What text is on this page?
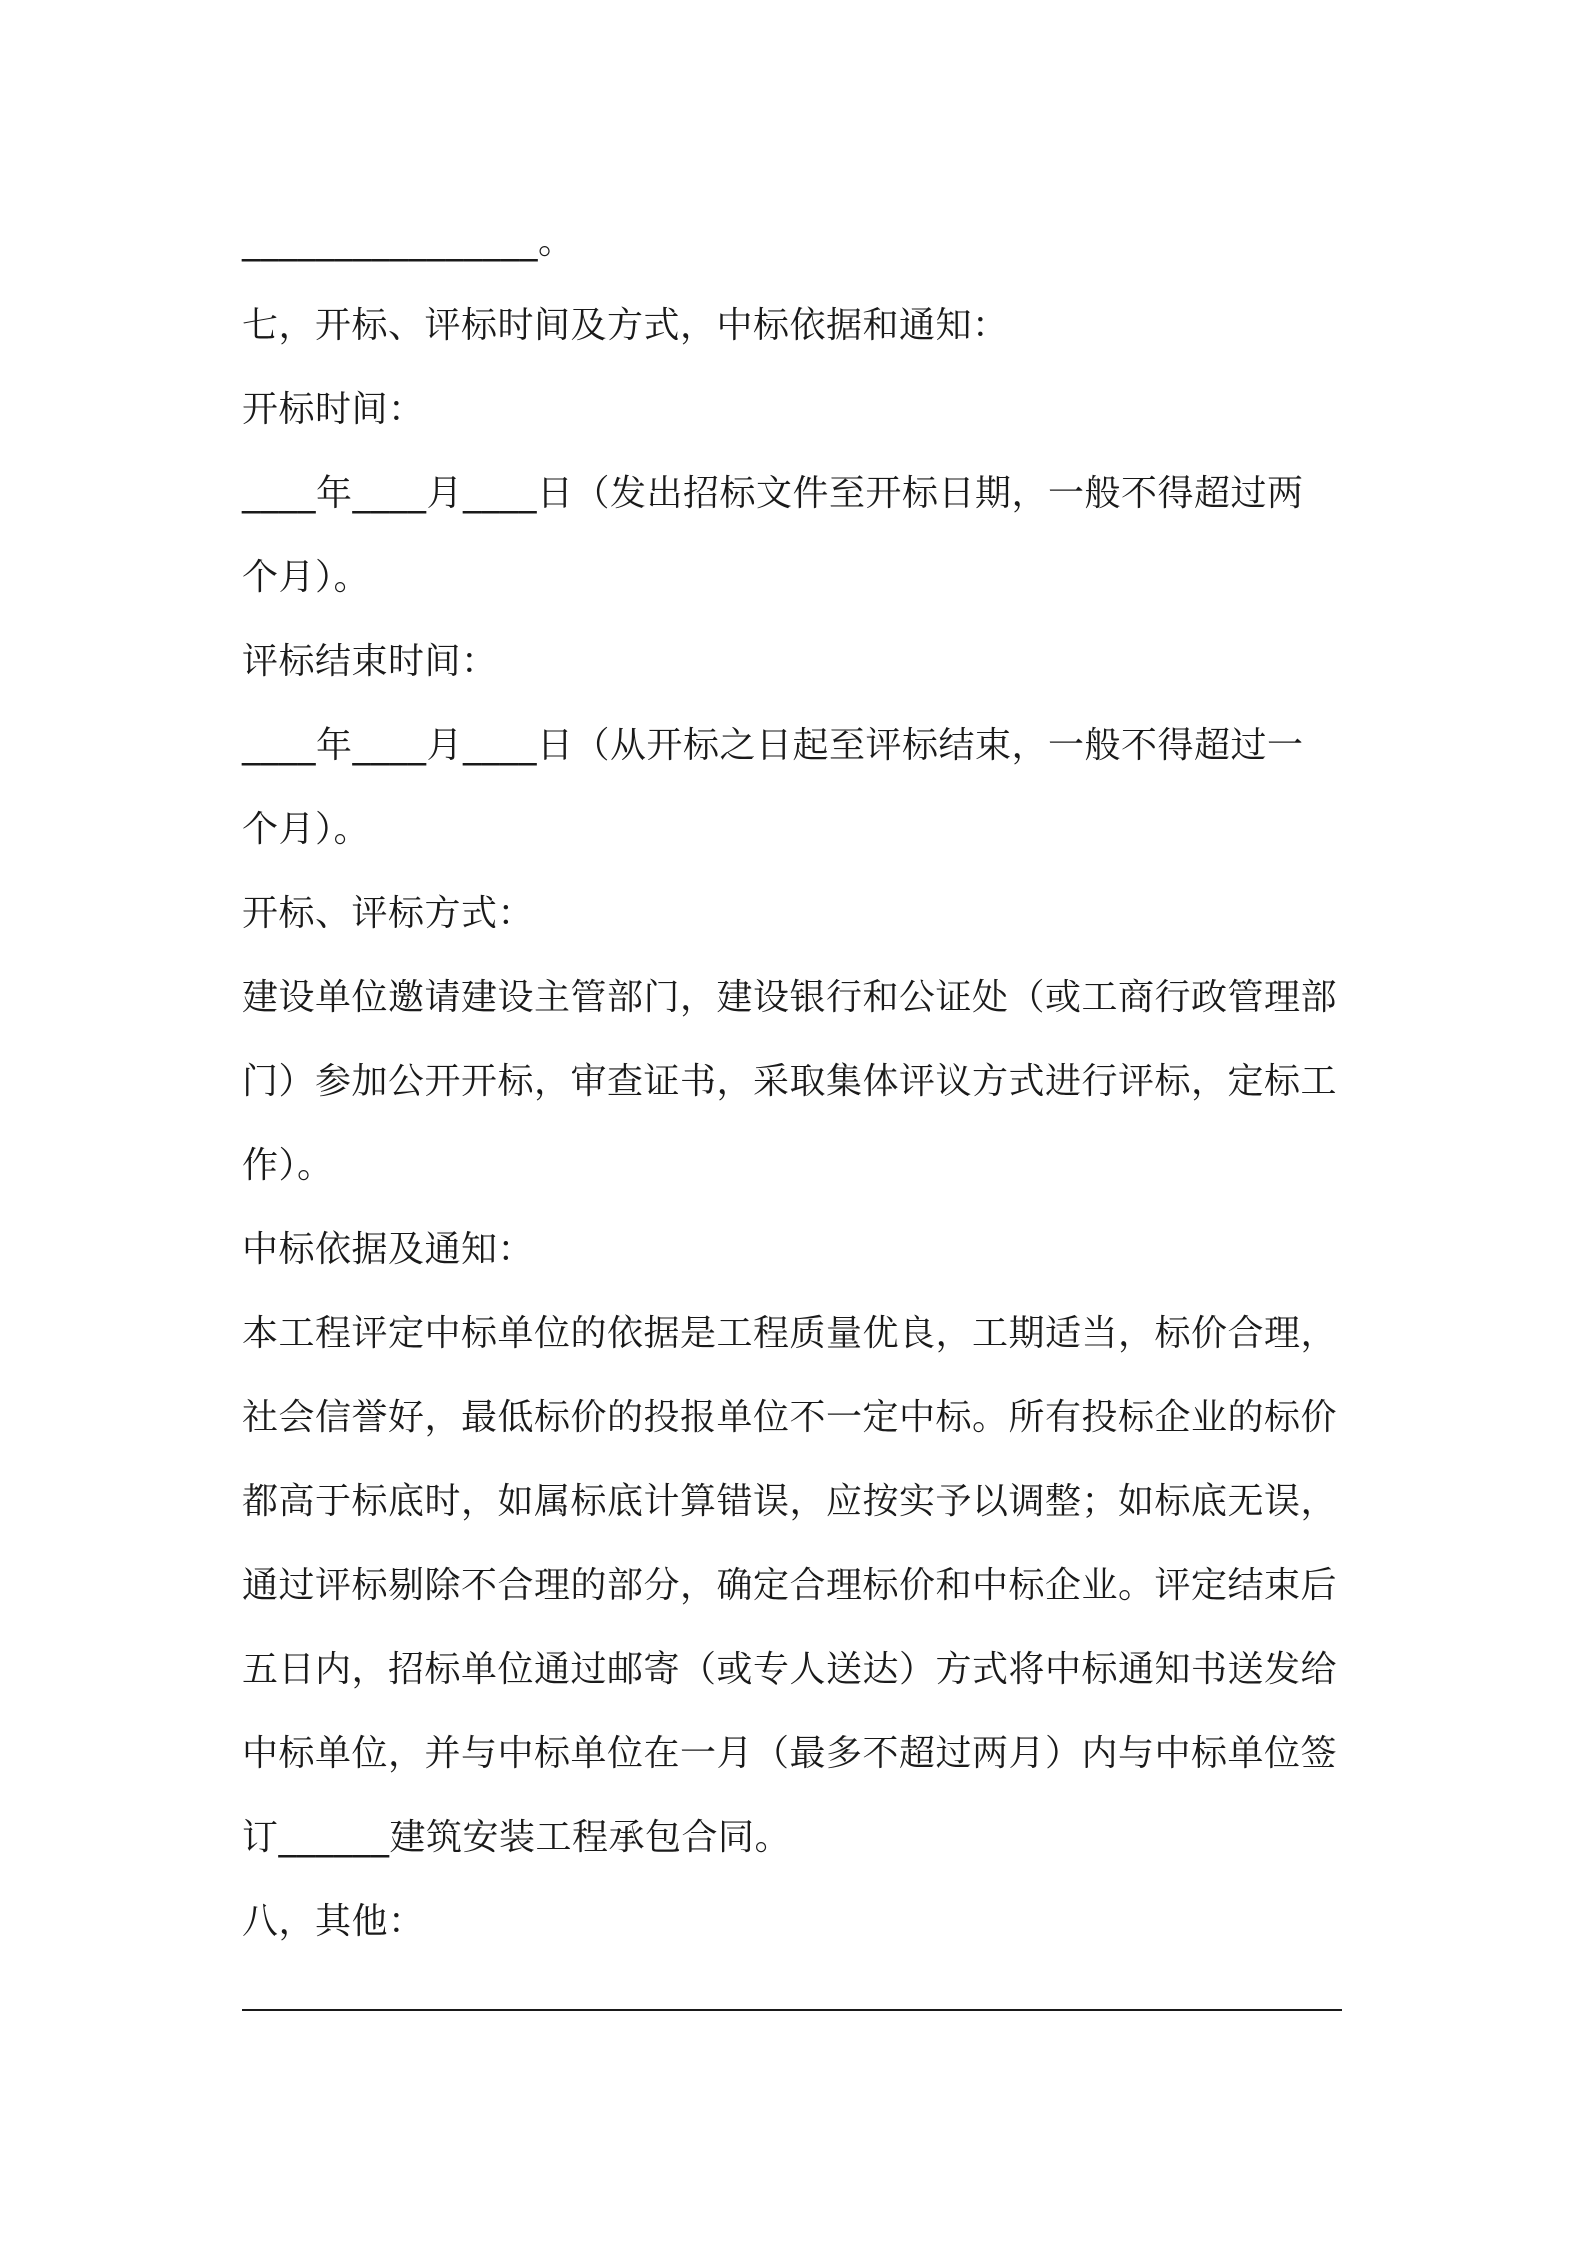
________________。
七，开标、评标时间及方式，中标依据和通知：
开标时间：
____年____月____日（发出招标文件至开标日期，一般不得超过两
个月）。
评标结束时间：
____年____月____日（从开标之日起至评标结束，一般不得超过一
个月）。
开标、评标方式：
建设单位邀请建设主管部门，建设银行和公证处（或工商行政管理部
门）参加公开开标，审查证书，采取集体评议方式进行评标，定标工
作）。
中标依据及通知：
本工程评定中标单位的依据是工程质量优良，工期适当，标价合理，
社会信誉好，最低标价的投报单位不一定中标。所有投标企业的标价
都高于标底时，如属标底计算错误，应按实予以调整；如标底无误，
通过评标剔除不合理的部分，确定合理标价和中标企业。评定结束后
五日内，招标单位通过邮寄（或专人送达）方式将中标通知书送发给
中标单位，并与中标单位在一月（最多不超过两月）内与中标单位签
订______建筑安装工程承包合同。
八，其他：
